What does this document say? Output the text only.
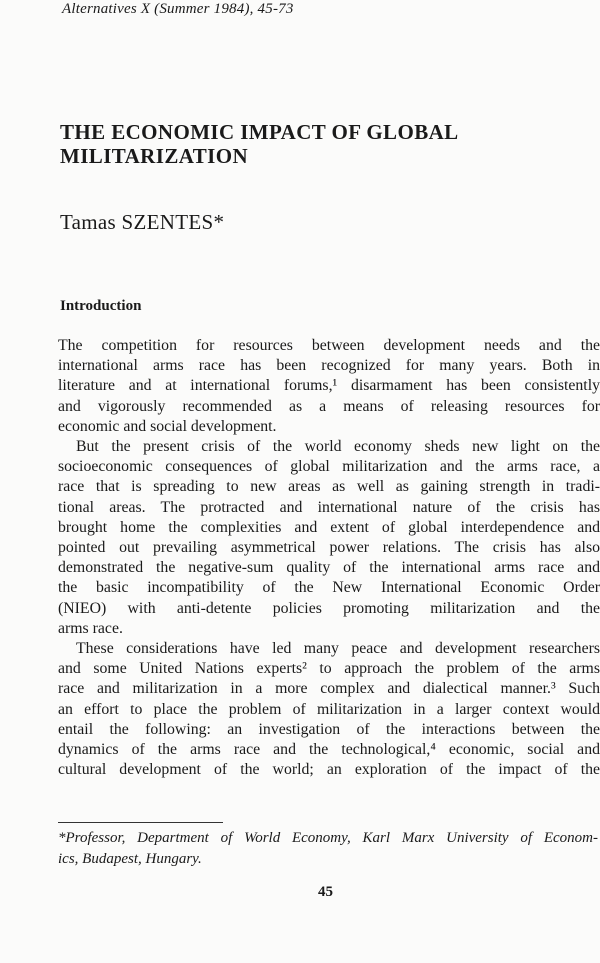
Alternatives X (Summer 1984), 45-73
THE ECONOMIC IMPACT OF GLOBAL
MILITARIZATION
Tamas SZENTES*
Introduction
The competition for resources between development needs and the
international arms race has been recognized for many years. Both in
literature and at international forums,¹ disarmament has been consistently
and vigorously recommended as a means of releasing resources for
economic and social development.
But the present crisis of the world economy sheds new light on the
socioeconomic consequences of global militarization and the arms race, a
race that is spreading to new areas as well as gaining strength in tradi-
tional areas. The protracted and international nature of the crisis has
brought home the complexities and extent of global interdependence and
pointed out prevailing asymmetrical power relations. The crisis has also
demonstrated the negative-sum quality of the international arms race and
the basic incompatibility of the New International Economic Order
(NIEO) with anti-detente policies promoting militarization and the
arms race.
These considerations have led many peace and development researchers
and some United Nations experts² to approach the problem of the arms
race and militarization in a more complex and dialectical manner.³ Such
an effort to place the problem of militarization in a larger context would
entail the following: an investigation of the interactions between the
dynamics of the arms race and the technological,⁴ economic, social and
cultural development of the world; an exploration of the impact of the
*Professor, Department of World Economy, Karl Marx University of Econom-
ics, Budapest, Hungary.
45
